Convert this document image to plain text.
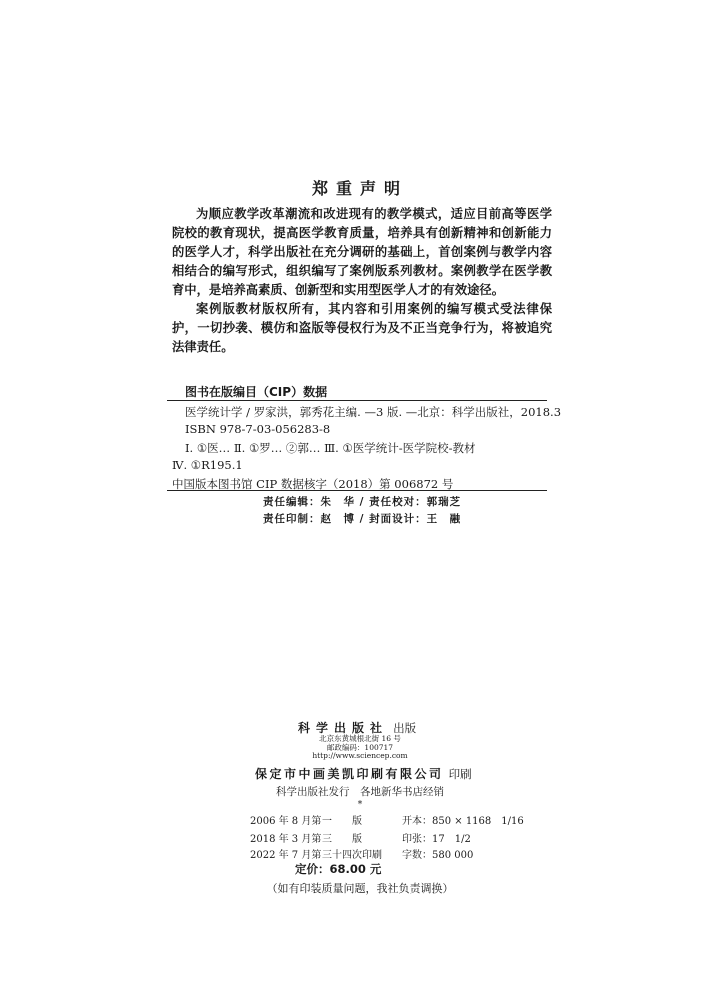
郑重声明

为顺应教学改革潮流和改进现有的教学模式，适应目前高等医学院校的教育现状，提高医学教育质量，培养具有创新精神和创新能力的医学人才，科学出版社在充分调研的基础上，首创案例与教学内容相结合的编写形式，组织编写了案例版系列教材。案例教学在医学教育中，是培养高素质、创新型和实用型医学人才的有效途径。

案例版教材版权所有，其内容和引用案例的编写模式受法律保护，一切抄袭、模仿和盗版等侵权行为及不正当竞争行为，将被追究法律责任。

图书在版编目（CIP）数据
医学统计学 / 罗家洪，郭秀花主编. —3 版. —北京：科学出版社，2018.3
ISBN 978-7-03-056283-8
Ⅰ. ①医… Ⅱ. ①罗… ②郭… Ⅲ. ①医学统计-医学院校-教材
Ⅳ. ①R195.1
中国版本图书馆 CIP 数据核字（2018）第 006872 号
责任编辑：朱　华 / 责任校对：郭瑞芝
责任印制：赵　博 / 封面设计：王　融
科学出版社 出版
北京东黄城根北街 16 号
邮政编码：100717
http://www.sciencep.com
保定市中画美凯印刷有限公司 印刷
科学出版社发行　各地新华书店经销
*
2006 年 8 月第一　　版	开本：850 × 1168　1/16
2018 年 3 月第三　　版	印张：17　1/2
2022 年 7 月第三十四次印刷 字数：580 000
定价：68.00 元
（如有印装质量问题，我社负责调换）
